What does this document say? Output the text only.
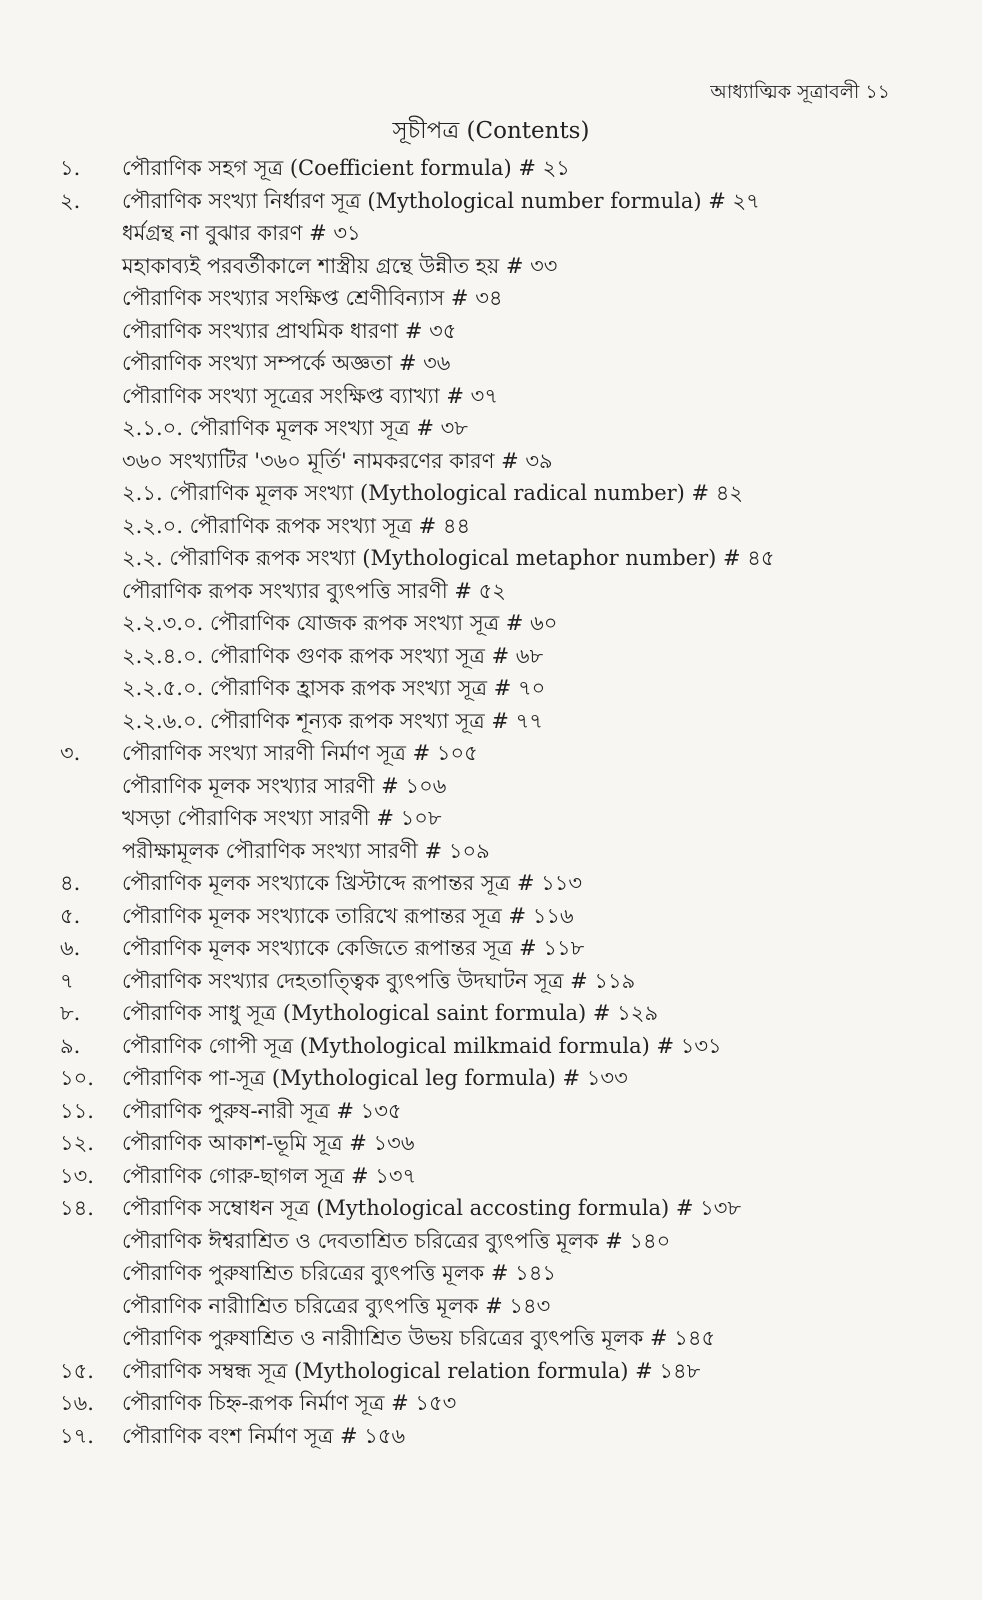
আধ্যাত্মিক সূত্রাবলী ১১
সূচীপত্র (Contents)
১. পৌরাণিক সহগ সূত্র (Coefficient formula) # ২১
২. পৌরাণিক সংখ্যা নির্ধারণ সূত্র (Mythological number formula) # ২৭
ধর্মগ্রন্থ না বুঝার কারণ # ৩১
মহাকাব্যই পরবর্তীকালে শাস্ত্রীয় গ্রন্থে উন্নীত হয় # ৩৩
পৌরাণিক সংখ্যার সংক্ষিপ্ত শ্রেণীবিন্যাস # ৩৪
পৌরাণিক সংখ্যার প্রাথমিক ধারণা # ৩৫
পৌরাণিক সংখ্যা সম্পর্কে অজ্ঞতা # ৩৬
পৌরাণিক সংখ্যা সূত্রের সংক্ষিপ্ত ব্যাখ্যা # ৩৭
২.১.০. পৌরাণিক মূলক সংখ্যা সূত্র # ৩৮
৩৬০ সংখ্যাটির '৩৬০ মূর্তি' নামকরণের কারণ # ৩৯
২.১. পৌরাণিক মূলক সংখ্যা (Mythological radical number) # ৪২
২.২.০. পৌরাণিক রূপক সংখ্যা সূত্র # ৪৪
২.২. পৌরাণিক রূপক সংখ্যা (Mythological metaphor number) # ৪৫
পৌরাণিক রূপক সংখ্যার ব্যুৎপত্তি সারণী # ৫২
২.২.৩.০. পৌরাণিক যোজক রূপক সংখ্যা সূত্র # ৬০
২.২.৪.০. পৌরাণিক গুণক রূপক সংখ্যা সূত্র # ৬৮
২.২.৫.০. পৌরাণিক হ্রাসক রূপক সংখ্যা সূত্র # ৭০
২.২.৬.০. পৌরাণিক শূন্যক রূপক সংখ্যা সূত্র # ৭৭
৩. পৌরাণিক সংখ্যা সারণী নির্মাণ সূত্র # ১০৫
পৌরাণিক মূলক সংখ্যার সারণী # ১০৬
খসড়া পৌরাণিক সংখ্যা সারণী # ১০৮
পরীক্ষামূলক পৌরাণিক সংখ্যা সারণী # ১০৯
৪. পৌরাণিক মূলক সংখ্যাকে খ্রিস্টাব্দে রূপান্তর সূত্র # ১১৩
৫. পৌরাণিক মূলক সংখ্যাকে তারিখে রূপান্তর সূত্র # ১১৬
৬. পৌরাণিক মূলক সংখ্যাকে কেজিতে রূপান্তর সূত্র # ১১৮
৭ পৌরাণিক সংখ্যার দেহতাত্ত্বিক ব্যুৎপত্তি উদঘাটন সূত্র # ১১৯
৮. পৌরাণিক সাধু সূত্র (Mythological saint formula) # ১২৯
৯. পৌরাণিক গোপী সূত্র (Mythological milkmaid formula) # ১৩১
১০. পৌরাণিক পা-সূত্র (Mythological leg formula) # ১৩৩
১১. পৌরাণিক পুরুষ-নারী সূত্র # ১৩৫
১২. পৌরাণিক আকাশ-ভূমি সূত্র # ১৩৬
১৩. পৌরাণিক গোরু-ছাগল সূত্র # ১৩৭
১৪. পৌরাণিক সম্বোধন সূত্র (Mythological accosting formula) # ১৩৮
পৌরাণিক ঈশ্বরাশ্রিত ও দেবতাশ্রিত চরিত্রের ব্যুৎপত্তি মূলক # ১৪০
পৌরাণিক পুরুষাশ্রিত চরিত্রের ব্যুৎপত্তি মূলক # ১৪১
পৌরাণিক নারীাশ্রিত চরিত্রের ব্যুৎপত্তি মূলক # ১৪৩
পৌরাণিক পুরুষাশ্রিত ও নারীাশ্রিত উভয় চরিত্রের ব্যুৎপত্তি মূলক # ১৪৫
১৫. পৌরাণিক সম্বন্ধ সূত্র (Mythological relation formula) # ১৪৮
১৬. পৌরাণিক চিহ্ন-রূপক নির্মাণ সূত্র # ১৫৩
১৭. পৌরাণিক বংশ নির্মাণ সূত্র # ১৫৬
